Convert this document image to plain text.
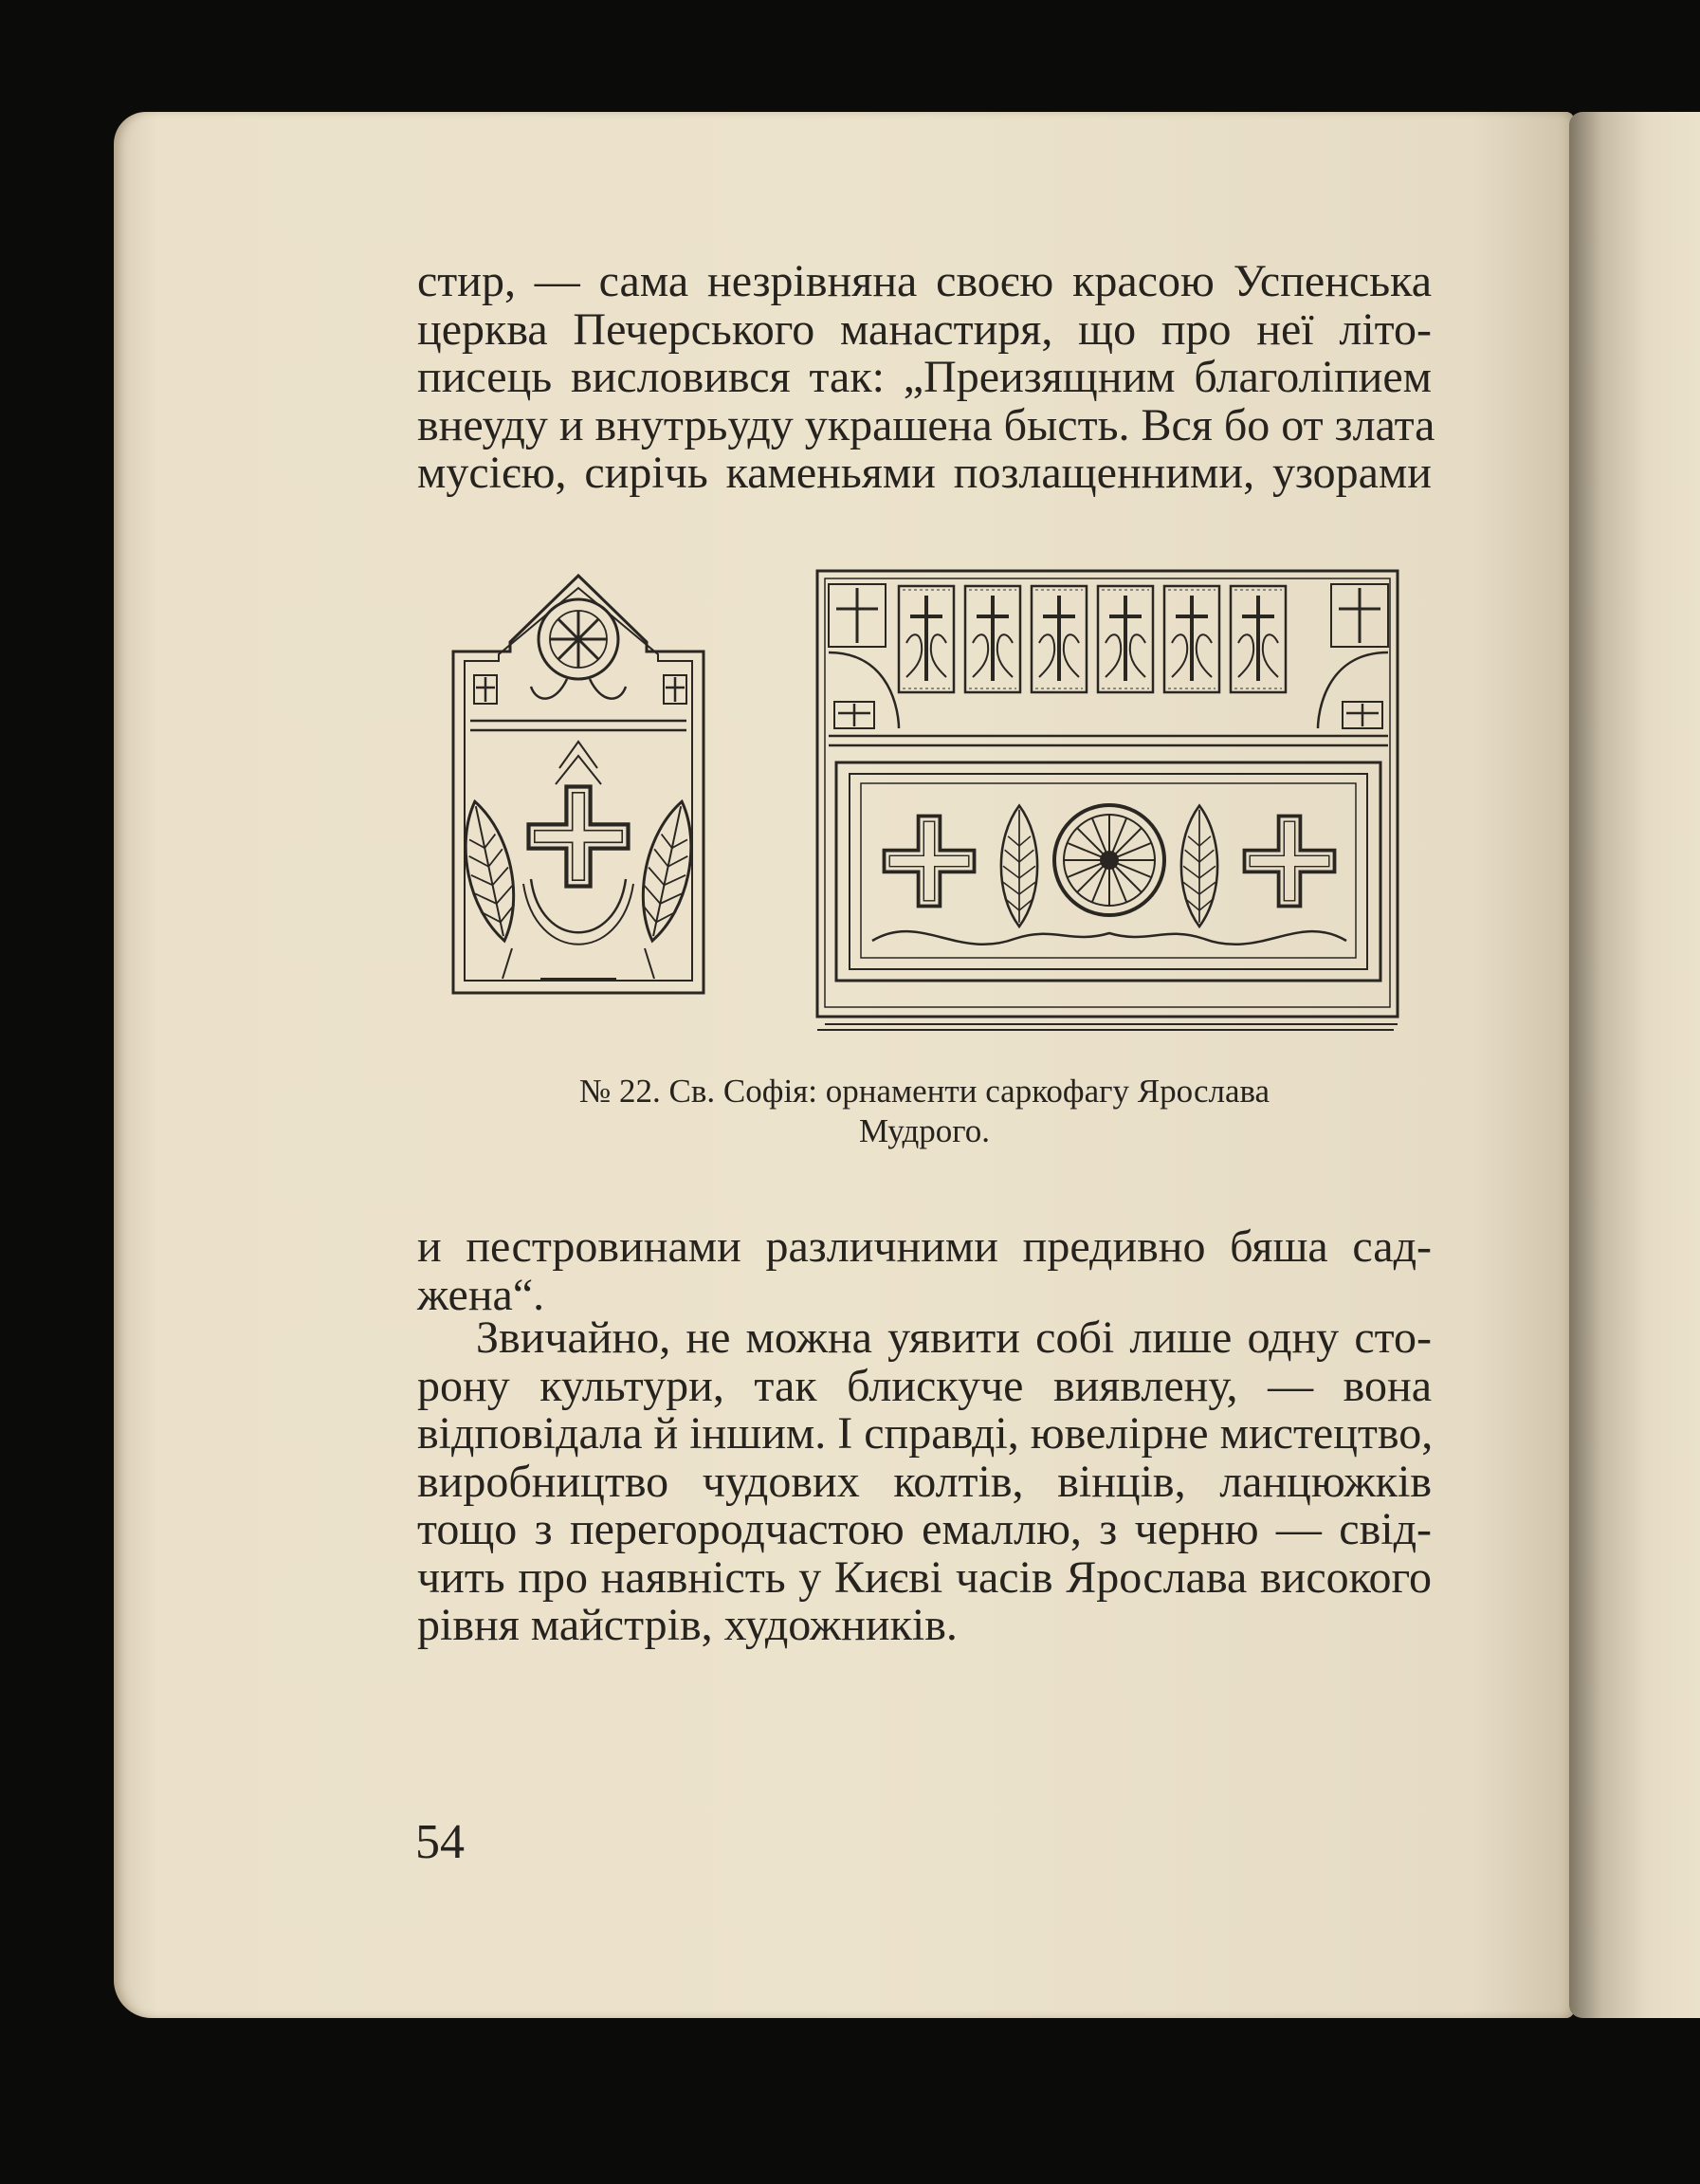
стир, — сама незрівняна своєю красою Успенська
церква Печерського манастиря, що про неї літо-
писець висловився так: „Преизящним благоліпием
внеуду и внутрьуду украшена бысть. Вся бо от злата
мусією, сирічь каменьями позлащенними, узорами
№ 22. Св. Софія: орнаменти саркофагу Ярослава
Мудрого.
и пестровинами различними предивно бяша сад-
жена“.
Звичайно, не можна уявити собі лише одну сто-
рону культури, так блискуче виявлену, — вона
відповідала й іншим. І справді, ювелірне мистецтво,
виробництво чудових колтів, вінців, ланцюжків
тощо з перегородчастою емаллю, з черню — свід-
чить про наявність у Києві часів Ярослава високого
рівня майстрів, художників.

54
